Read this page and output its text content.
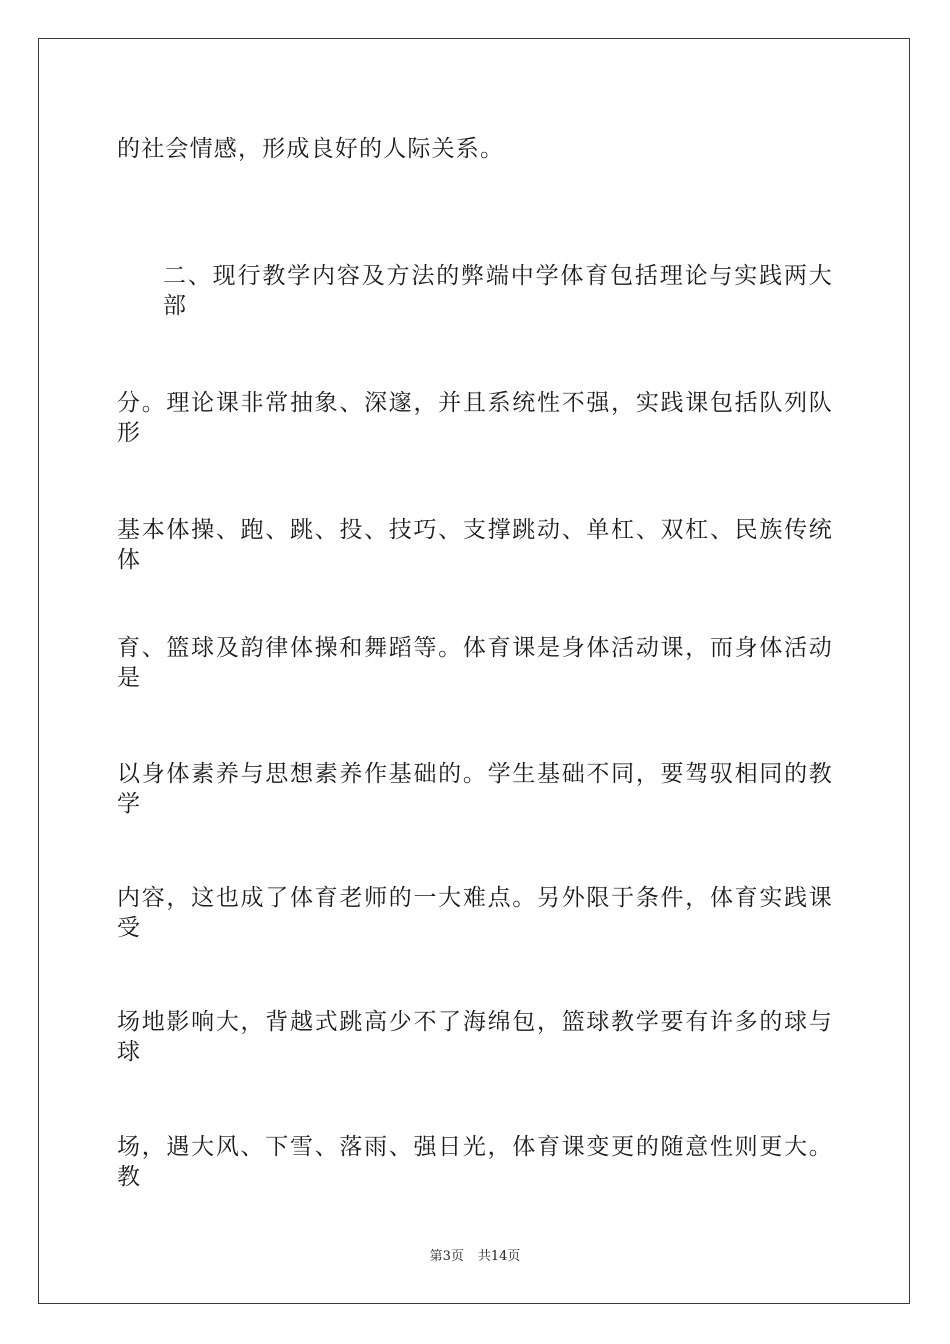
的社会情感，形成良好的人际关系。
二、现行教学内容及方法的弊端中学体育包括理论与实践两大部
分。理论课非常抽象、深邃，并且系统性不强，实践课包括队列队形
基本体操、跑、跳、投、技巧、支撑跳动、单杠、双杠、民族传统体
育、篮球及韵律体操和舞蹈等。体育课是身体活动课，而身体活动是
以身体素养与思想素养作基础的。学生基础不同，要驾驭相同的教学
内容，这也成了体育老师的一大难点。另外限于条件，体育实践课受
场地影响大，背越式跳高少不了海绵包，篮球教学要有许多的球与球
场，遇大风、下雪、落雨、强日光，体育课变更的随意性则更大。教
第3页 共14页
